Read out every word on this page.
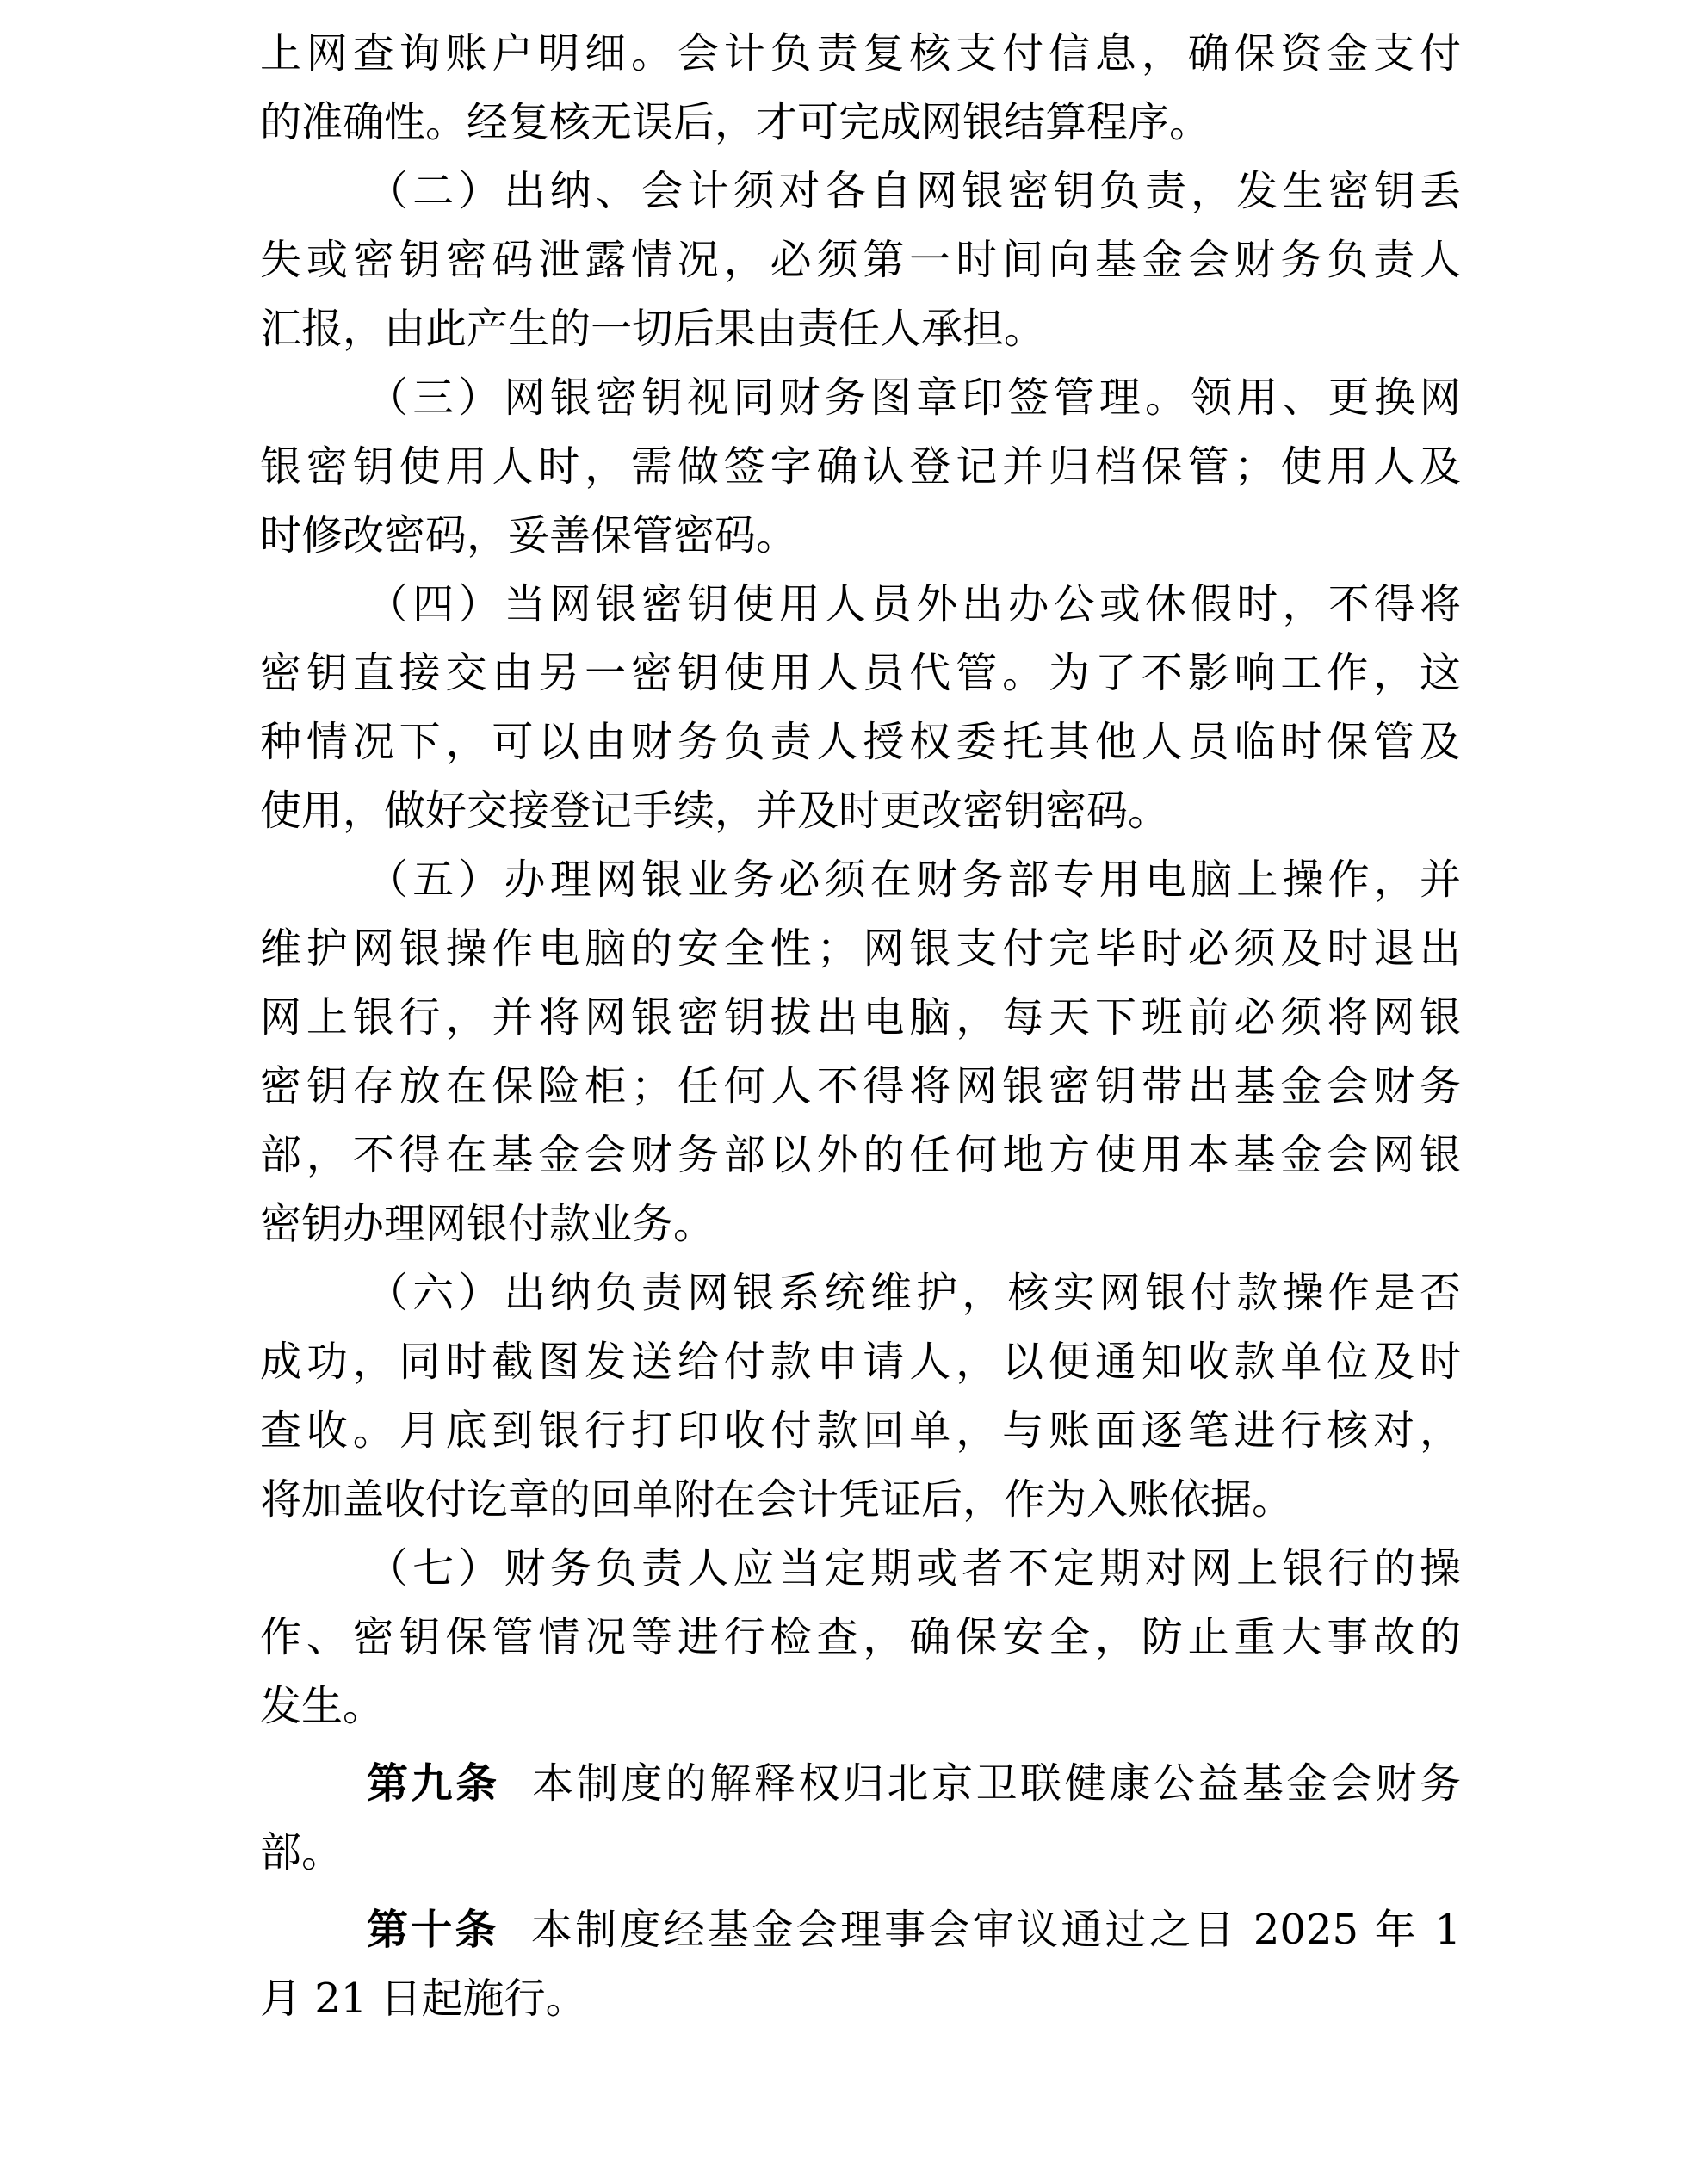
上网查询账户明细。会计负责复核支付信息，确保资金支付
的准确性。经复核无误后，才可完成网银结算程序。
（二）出纳、会计须对各自网银密钥负责，发生密钥丢
失或密钥密码泄露情况，必须第一时间向基金会财务负责人
汇报，由此产生的一切后果由责任人承担。
（三）网银密钥视同财务图章印签管理。领用、更换网
银密钥使用人时，需做签字确认登记并归档保管；使用人及
时修改密码，妥善保管密码。
（四）当网银密钥使用人员外出办公或休假时，不得将
密钥直接交由另一密钥使用人员代管。为了不影响工作，这
种情况下，可以由财务负责人授权委托其他人员临时保管及
使用，做好交接登记手续，并及时更改密钥密码。
（五）办理网银业务必须在财务部专用电脑上操作，并
维护网银操作电脑的安全性；网银支付完毕时必须及时退出
网上银行，并将网银密钥拔出电脑，每天下班前必须将网银
密钥存放在保险柜；任何人不得将网银密钥带出基金会财务
部，不得在基金会财务部以外的任何地方使用本基金会网银
密钥办理网银付款业务。
（六）出纳负责网银系统维护，核实网银付款操作是否
成功，同时截图发送给付款申请人，以便通知收款单位及时
查收。月底到银行打印收付款回单，与账面逐笔进行核对，
将加盖收付讫章的回单附在会计凭证后，作为入账依据。
（七）财务负责人应当定期或者不定期对网上银行的操
作、密钥保管情况等进行检查，确保安全，防止重大事故的
发生。
第九条 本制度的解释权归北京卫联健康公益基金会财务
部。
第十条 本制度经基金会理事会审议通过之日 2025 年 1
月 21 日起施行。
